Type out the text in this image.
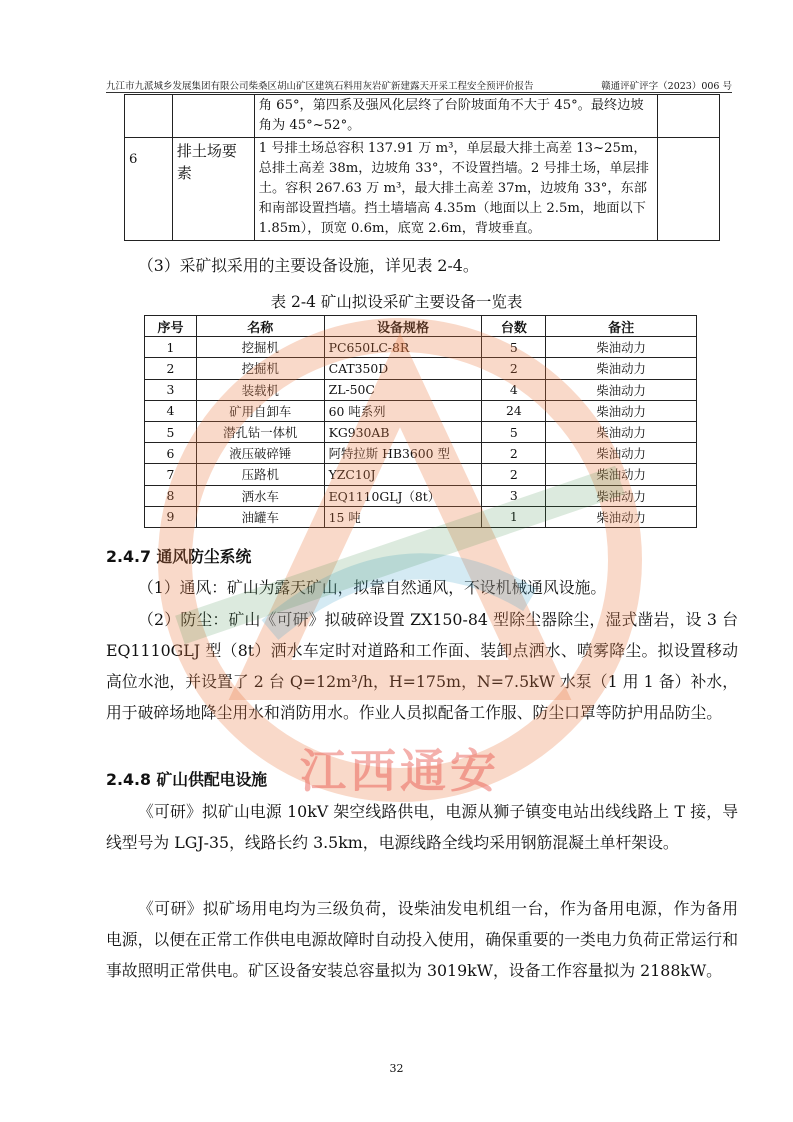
九江市九派城乡发展集团有限公司柴桑区胡山矿区建筑石料用灰岩矿新建露天开采工程安全预评价报告	赣通评矿评字（2023）006 号
		角 65°，第四系及强风化层终了台阶坡面角不大于 45°。最终边坡角为 45°~52°。	
6	排土场要素	1 号排土场总容积 137.91 万 m³，单层最大排土高差 13~25m，总排土高差 38m，边坡角 33°，不设置挡墙。2 号排土场，单层排土。容积 267.63 万 m³，最大排土高差 37m，边坡角 33°，东部和南部设置挡墙。挡土墙墙高 4.35m（地面以上 2.5m，地面以下 1.85m），顶宽 0.6m，底宽 2.6m，背坡垂直。	
（3）采矿拟采用的主要设备设施，详见表 2-4。
表 2-4 矿山拟设采矿主要设备一览表
序号	名称	设备规格	台数	备注
1	挖掘机	PC650LC-8R	5	柴油动力
2	挖掘机	CAT350D	2	柴油动力
3	装载机	ZL-50C	4	柴油动力
4	矿用自卸车	60 吨系列	24	柴油动力
5	潜孔钻一体机	KG930AB	5	柴油动力
6	液压破碎锤	阿特拉斯 HB3600 型	2	柴油动力
7	压路机	YZC10J	2	柴油动力
8	洒水车	EQ1110GLJ（8t）	3	柴油动力
9	油罐车	15 吨	1	柴油动力
2.4.7 通风防尘系统
（1）通风：矿山为露天矿山，拟靠自然通风，不设机械通风设施。
（2）防尘：矿山《可研》拟破碎设置 ZX150-84 型除尘器除尘，湿式凿岩，设 3 台 EQ1110GLJ 型（8t）洒水车定时对道路和工作面、装卸点洒水、喷雾降尘。拟设置移动高位水池，并设置了 2 台 Q=12m³/h，H=175m，N=7.5kW 水泵（1 用 1 备）补水，用于破碎场地降尘用水和消防用水。作业人员拟配备工作服、防尘口罩等防护用品防尘。
2.4.8 矿山供配电设施
《可研》拟矿山电源 10kV 架空线路供电，电源从狮子镇变电站出线线路上 T 接，导线型号为 LGJ-35，线路长约 3.5km，电源线路全线均采用钢筋混凝土单杆架设。
《可研》拟矿场用电均为三级负荷，设柴油发电机组一台，作为备用电源，作为备用电源，以便在正常工作供电电源故障时自动投入使用，确保重要的一类电力负荷正常运行和事故照明正常供电。矿区设备安装总容量拟为 3019kW，设备工作容量拟为 2188kW。
32
江西通安
